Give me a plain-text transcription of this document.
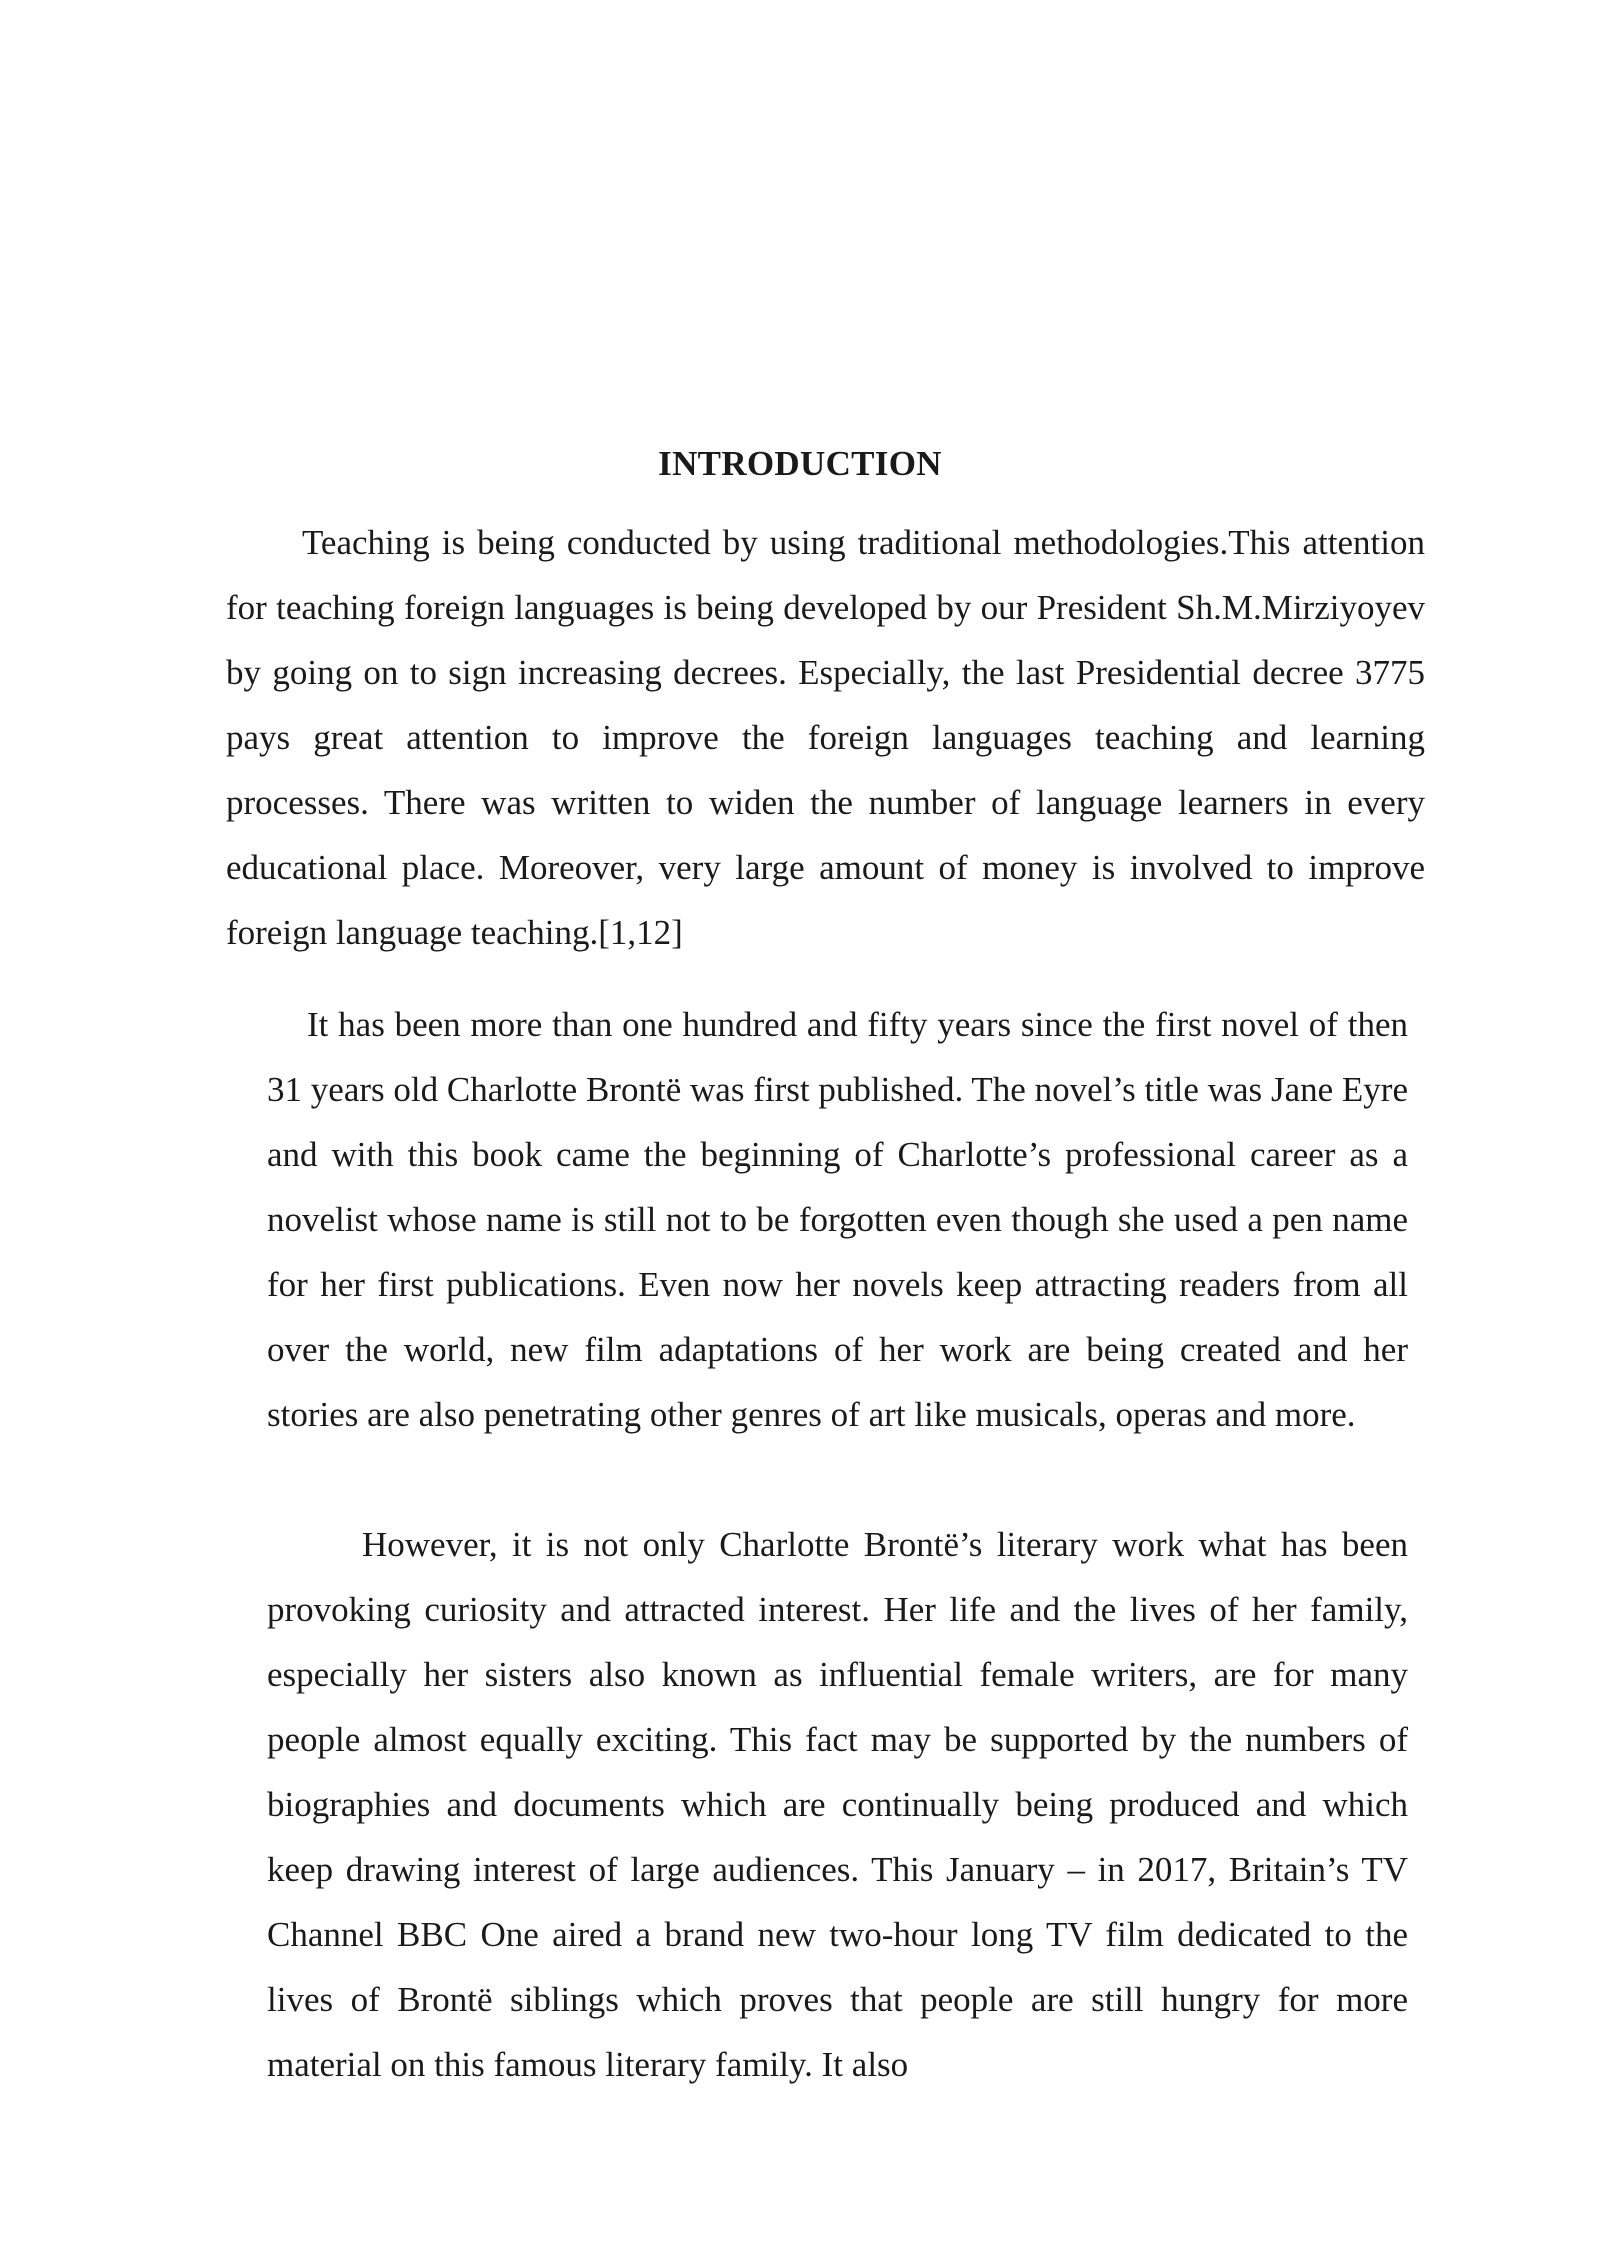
INTRODUCTION

Teaching is being conducted by using traditional methodologies.This attention for teaching foreign languages is being developed by our President Sh.M.Mirziyoyev by going on to sign increasing decrees. Especially, the last Presidential decree 3775 pays great attention to improve the foreign languages teaching and learning processes. There was written to widen the number of language learners in every educational place. Moreover, very large amount of money is involved to improve foreign language teaching.[1,12]

It has been more than one hundred and fifty years since the first novel of then 31 years old Charlotte Brontë was first published. The novel’s title was Jane Eyre and with this book came the beginning of Charlotte’s professional career as a novelist whose name is still not to be forgotten even though she used a pen name for her first publications. Even now her novels keep attracting readers from all over the world, new film adaptations of her work are being created and her stories are also penetrating other genres of art like musicals, operas and more.

However, it is not only Charlotte Brontë’s literary work what has been provoking curiosity and attracted interest. Her life and the lives of her family, especially her sisters also known as influential female writers, are for many people almost equally exciting. This fact may be supported by the numbers of biographies and documents which are continually being produced and which keep drawing interest of large audiences. This January – in 2017, Britain’s TV Channel BBC One aired a brand new two-hour long TV film dedicated to the lives of Brontë siblings which proves that people are still hungry for more material on this famous literary family. It also
